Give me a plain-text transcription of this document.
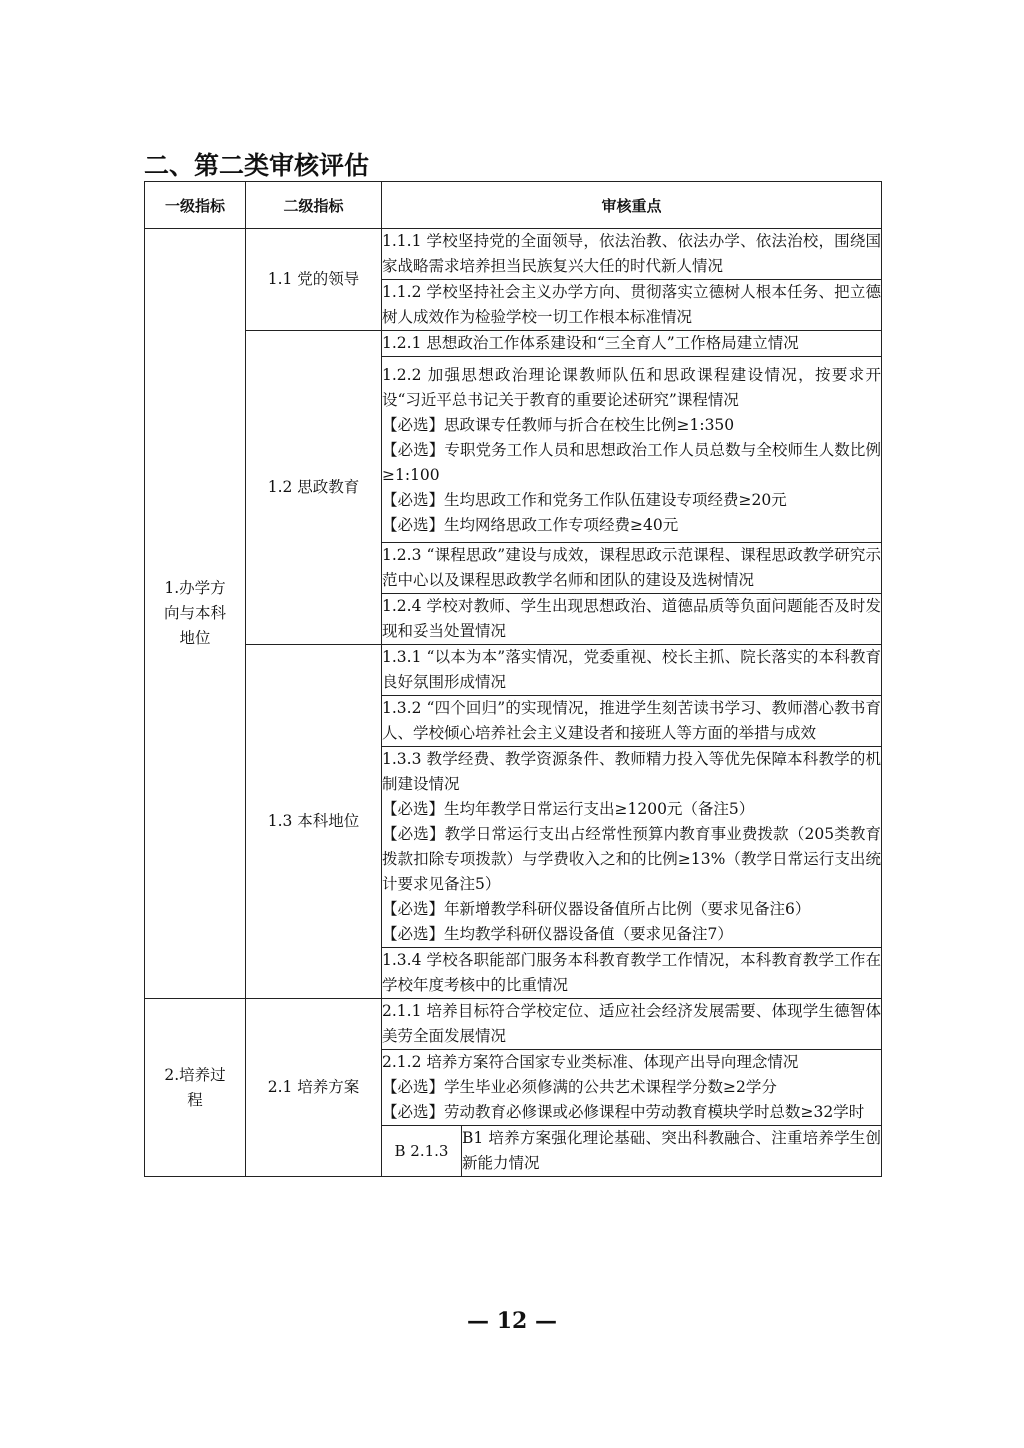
二、第二类审核评估
一级指标	二级指标	审核重点	
1.办学方向与本科地位	1.1 党的领导	1.1.1 学校坚持党的全面领导，依法治教、依法办学、依法治校，围绕国家战略需求培养担当民族复兴大任的时代新人情况	

		1.1.2 学校坚持社会主义办学方向、贯彻落实立德树人根本任务、把立德树人成效作为检验学校一切工作根本标准情况	

	1.2 思政教育	1.2.1 思想政治工作体系建设和“三全育人”工作格局建立情况	

		1.2.2 加强思想政治理论课教师队伍和思政课程建设情况，按要求开设“习近平总书记关于教育的重要论述研究”课程情况
【必选】思政课专任教师与折合在校生比例≥1:350
【必选】专职党务工作人员和思想政治工作人员总数与全校师生人数比例≥1:100
【必选】生均思政工作和党务工作队伍建设专项经费≥20元
【必选】生均网络思政工作专项经费≥40元	

		1.2.3 “课程思政”建设与成效，课程思政示范课程、课程思政教学研究示范中心以及课程思政教学名师和团队的建设及选树情况	

		1.2.4 学校对教师、学生出现思想政治、道德品质等负面问题能否及时发现和妥当处置情况	

	1.3 本科地位	1.3.1 “以本为本”落实情况，党委重视、校长主抓、院长落实的本科教育良好氛围形成情况	

		1.3.2 “四个回归”的实现情况，推进学生刻苦读书学习、教师潜心教书育人、学校倾心培养社会主义建设者和接班人等方面的举措与成效	

		1.3.3 教学经费、教学资源条件、教师精力投入等优先保障本科教学的机制建设情况
【必选】生均年教学日常运行支出≥1200元（备注5）
【必选】教学日常运行支出占经常性预算内教育事业费拨款（205类教育拨款扣除专项拨款）与学费收入之和的比例≥13%（教学日常运行支出统计要求见备注5）
【必选】年新增教学科研仪器设备值所占比例（要求见备注6）
【必选】生均教学科研仪器设备值（要求见备注7）	

		1.3.4 学校各职能部门服务本科教育教学工作情况，本科教育教学工作在学校年度考核中的比重情况	

2.培养过程	2.1 培养方案	2.1.1 培养目标符合学校定位、适应社会经济发展需要、体现学生德智体美劳全面发展情况	

		2.1.2 培养方案符合国家专业类标准、体现产出导向理念情况
【必选】学生毕业必须修满的公共艺术课程学分数≥2学分
【必选】劳动教育必修课或必修课程中劳动教育模块学时总数≥32学时	

		B 2.1.3	B1 培养方案强化理论基础、突出科教融合、注重培养学生创新能力情况
— 12 —
